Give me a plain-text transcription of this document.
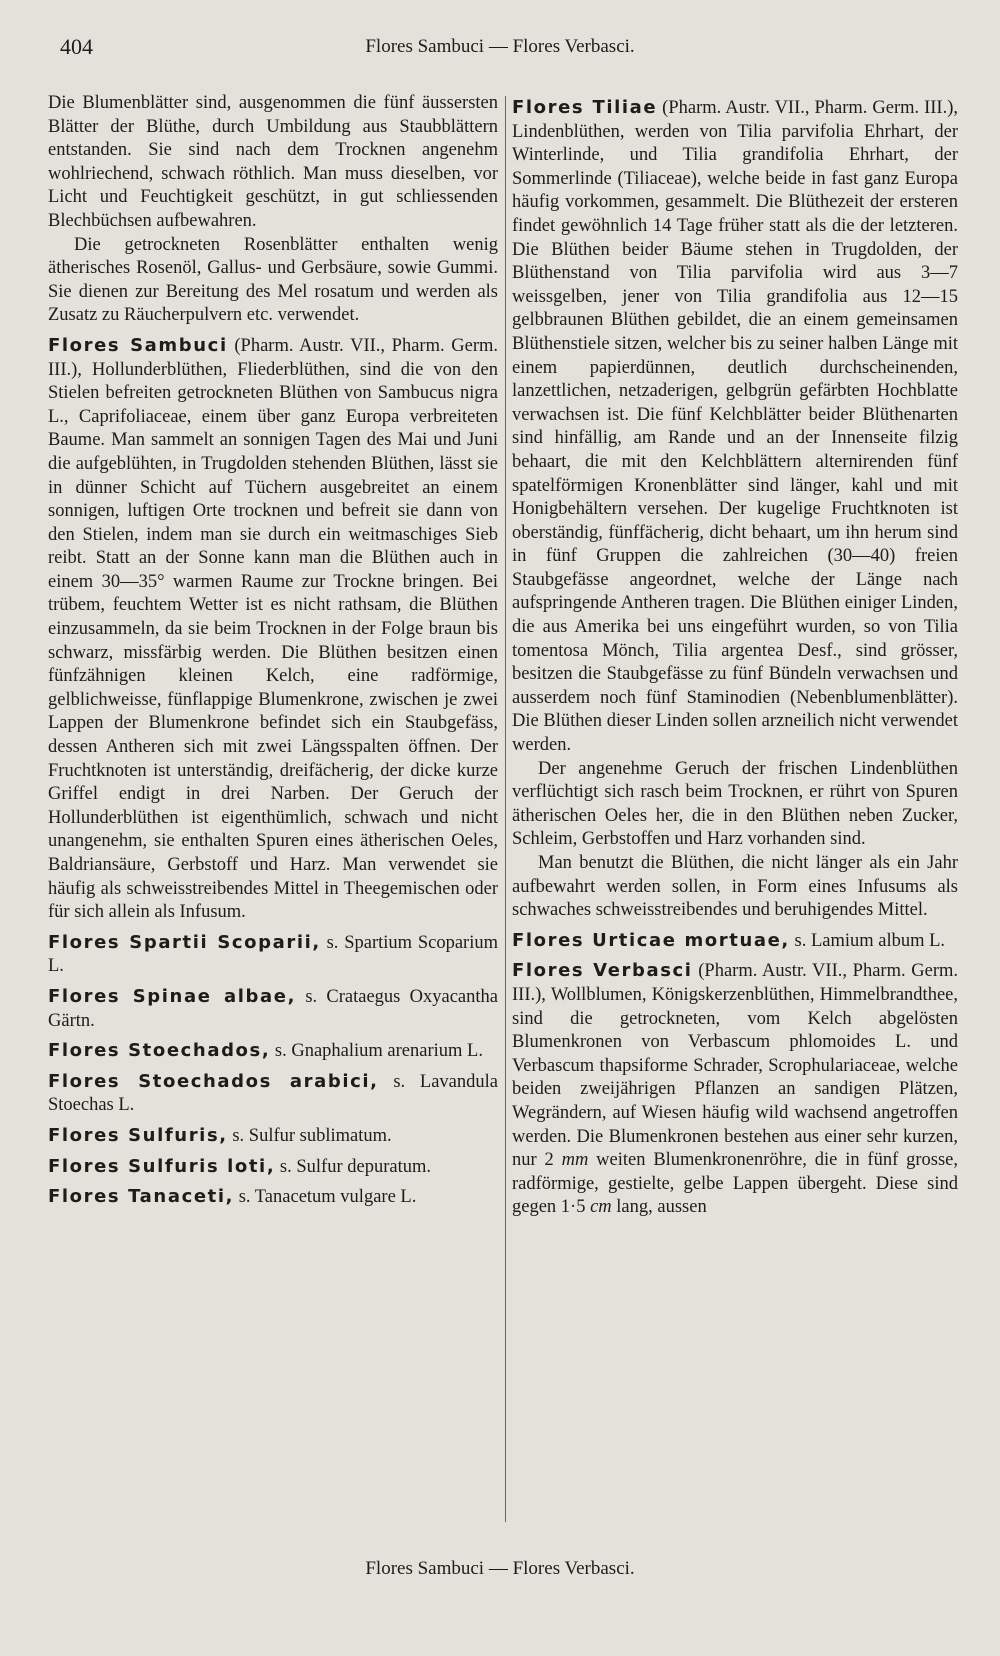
404	Flores Sambuci — Flores Verbasci.

Die Blumenblätter sind, ausgenommen die fünf äussersten Blätter der Blüthe, durch Umbildung aus Staubblättern entstanden. Sie sind nach dem Trocknen angenehm wohlriechend, schwach röthlich. Man muss dieselben, vor Licht und Feuchtigkeit geschützt, in gut schliessenden Blechbüchsen aufbewahren.

Die getrockneten Rosenblätter enthalten wenig ätherisches Rosenöl, Gallus- und Gerbsäure, sowie Gummi. Sie dienen zur Bereitung des Mel rosatum und werden als Zusatz zu Räucherpulvern etc. verwendet.

Flores Sambuci (Pharm. Austr. VII., Pharm. Germ. III.), Hollunderblüthen, Fliederblüthen, sind die von den Stielen befreiten getrockneten Blüthen von Sambucus nigra L., Caprifoliaceae, einem über ganz Europa verbreiteten Baume. Man sammelt an sonnigen Tagen des Mai und Juni die aufgeblühten, in Trugdolden stehenden Blüthen, lässt sie in dünner Schicht auf Tüchern ausgebreitet an einem sonnigen, luftigen Orte trocknen und befreit sie dann von den Stielen, indem man sie durch ein weitmaschiges Sieb reibt. Statt an der Sonne kann man die Blüthen auch in einem 30—35° warmen Raume zur Trockne bringen. Bei trübem, feuchtem Wetter ist es nicht rathsam, die Blüthen einzusammeln, da sie beim Trocknen in der Folge braun bis schwarz, missfärbig werden. Die Blüthen besitzen einen fünfzähnigen kleinen Kelch, eine radförmige, gelblichweisse, fünflappige Blumenkrone, zwischen je zwei Lappen der Blumenkrone befindet sich ein Staubgefäss, dessen Antheren sich mit zwei Längsspalten öffnen. Der Fruchtknoten ist unterständig, dreifächerig, der dicke kurze Griffel endigt in drei Narben. Der Geruch der Hollunderblüthen ist eigenthümlich, schwach und nicht unangenehm, sie enthalten Spuren eines ätherischen Oeles, Baldriansäure, Gerbstoff und Harz. Man verwendet sie häufig als schweisstreibendes Mittel in Theegemischen oder für sich allein als Infusum.

Flores Spartii Scoparii, s. Spartium Scoparium L.

Flores Spinae albae, s. Crataegus Oxyacantha Gärtn.

Flores Stoechados, s. Gnaphalium arenarium L.

Flores Stoechados arabici, s. Lavandula Stoechas L.

Flores Sulfuris, s. Sulfur sublimatum.

Flores Sulfuris loti, s. Sulfur depuratum.

Flores Tanaceti, s. Tanacetum vulgare L.

Flores Tiliae (Pharm. Austr. VII., Pharm. Germ. III.), Lindenblüthen, werden von Tilia parvifolia Ehrhart, der Winterlinde, und Tilia grandifolia Ehrhart, der Sommerlinde (Tiliaceae), welche beide in fast ganz Europa häufig vorkommen, gesammelt. Die Blüthezeit der ersteren findet gewöhnlich 14 Tage früher statt als die der letzteren. Die Blüthen beider Bäume stehen in Trugdolden, der Blüthenstand von Tilia parvifolia wird aus 3—7 weissgelben, jener von Tilia grandifolia aus 12—15 gelbbraunen Blüthen gebildet, die an einem gemeinsamen Blüthenstiele sitzen, welcher bis zu seiner halben Länge mit einem papierdünnen, deutlich durchscheinenden, lanzettlichen, netzaderigen, gelbgrün gefärbten Hochblatte verwachsen ist. Die fünf Kelchblätter beider Blüthenarten sind hinfällig, am Rande und an der Innenseite filzig behaart, die mit den Kelchblättern alternirenden fünf spatelförmigen Kronenblätter sind länger, kahl und mit Honigbehältern versehen. Der kugelige Fruchtknoten ist oberständig, fünffächerig, dicht behaart, um ihn herum sind in fünf Gruppen die zahlreichen (30—40) freien Staubgefässe angeordnet, welche der Länge nach aufspringende Antheren tragen. Die Blüthen einiger Linden, die aus Amerika bei uns eingeführt wurden, so von Tilia tomentosa Mönch, Tilia argentea Desf., sind grösser, besitzen die Staubgefässe zu fünf Bündeln verwachsen und ausserdem noch fünf Staminodien (Nebenblumenblätter). Die Blüthen dieser Linden sollen arzneilich nicht verwendet werden.

Der angenehme Geruch der frischen Lindenblüthen verflüchtigt sich rasch beim Trocknen, er rührt von Spuren ätherischen Oeles her, die in den Blüthen neben Zucker, Schleim, Gerbstoffen und Harz vorhanden sind.

Man benutzt die Blüthen, die nicht länger als ein Jahr aufbewahrt werden sollen, in Form eines Infusums als schwaches schweisstreibendes und beruhigendes Mittel.

Flores Urticae mortuae, s. Lamium album L.

Flores Verbasci (Pharm. Austr. VII., Pharm. Germ. III.), Wollblumen, Königskerzenblüthen, Himmelbrandthee, sind die getrockneten, vom Kelch abgelösten Blumenkronen von Verbascum phlomoides L. und Verbascum thapsiforme Schrader, Scrophulariaceae, welche beiden zweijährigen Pflanzen an sandigen Plätzen, Wegrändern, auf Wiesen häufig wild wachsend angetroffen werden. Die Blumenkronen bestehen aus einer sehr kurzen, nur 2 mm weiten Blumenkronenröhre, die in fünf grosse, radförmige, gestielte, gelbe Lappen übergeht. Diese sind gegen 1·5 cm lang, aussen

Flores Sambuci — Flores Verbasci.
